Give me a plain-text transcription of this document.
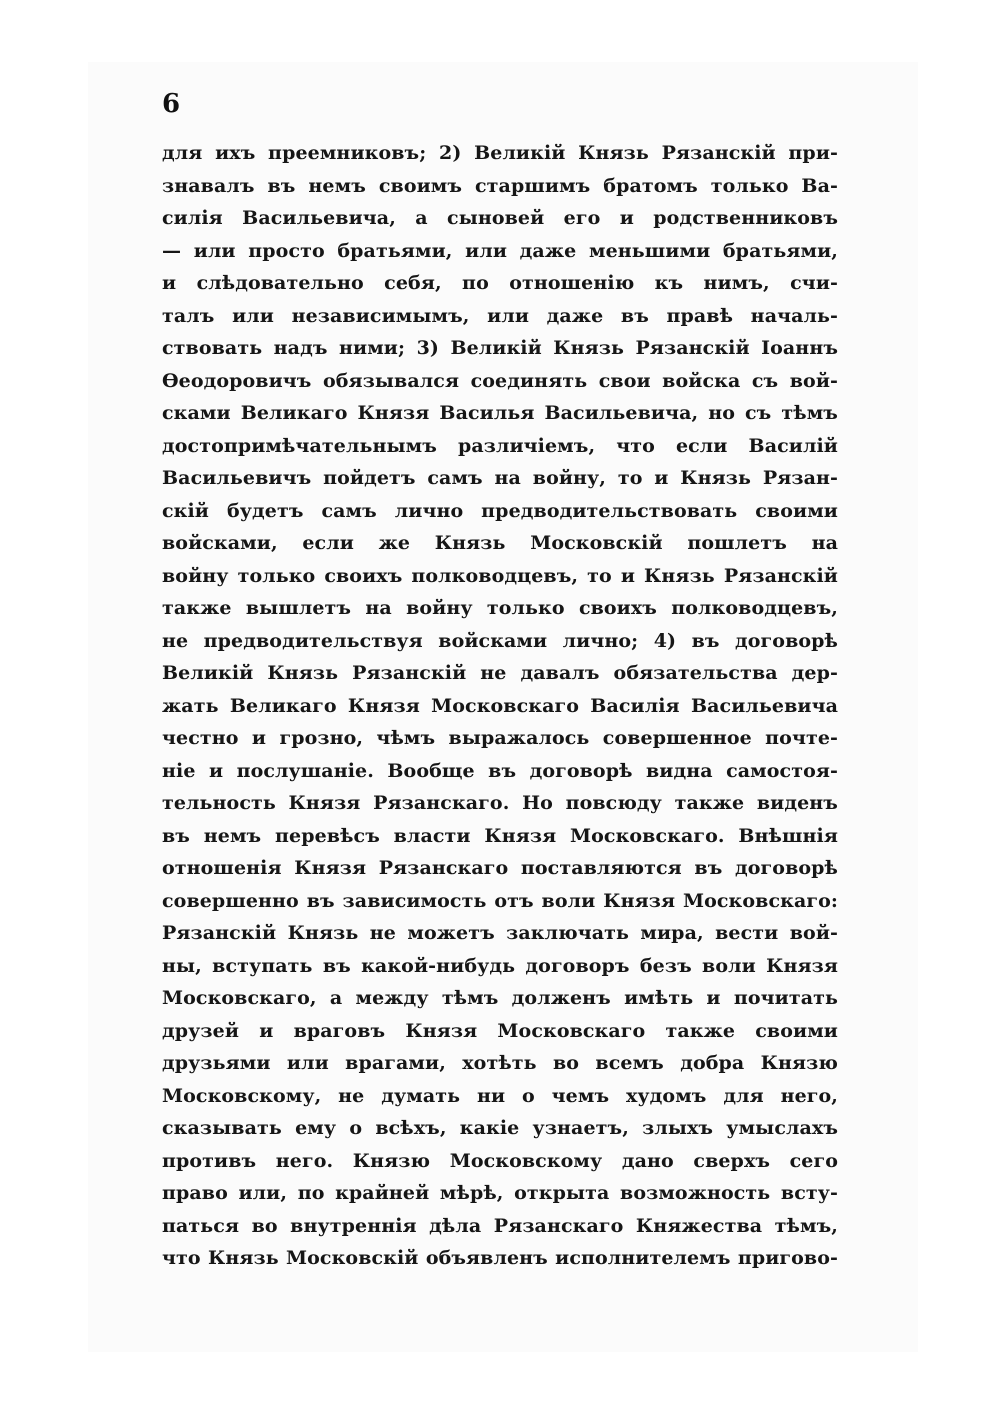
6
для ихъ преемниковъ; 2) Великій Князь Рязанскій при-
знавалъ въ немъ своимъ старшимъ братомъ только Ва-
силія Васильевича, а сыновей его и родственниковъ
— или просто братьями, или даже меньшими братьями,
и слѣдовательно себя, по отношенію къ нимъ, счи-
талъ или независимымъ, или даже въ правѣ началь-
ствовать надъ ними; 3) Великій Князь Рязанскій Іоаннъ
Өеодоровичъ обязывался соединять свои войска съ вой-
сками Великаго Князя Василья Васильевича, но съ тѣмъ
достопримѣчательнымъ различіемъ, что если Василій
Васильевичъ пойдетъ самъ на войну, то и Князь Рязан-
скій будетъ самъ лично предводительствовать своими
войсками, если же Князь Московскій пошлетъ на
войну только своихъ полководцевъ, то и Князь Рязанскій
также вышлетъ на войну только своихъ полководцевъ,
не предводительствуя войсками лично; 4) въ договорѣ
Великій Князь Рязанскій не давалъ обязательства дер-
жать Великаго Князя Московскаго Василія Васильевича
честно и грозно, чѣмъ выражалось совершенное почте-
ніе и послушаніе. Вообще въ договорѣ видна самостоя-
тельность Князя Рязанскаго. Но повсюду также виденъ
въ немъ перевѣсъ власти Князя Московскаго. Внѣшнія
отношенія Князя Рязанскаго поставляются въ договорѣ
совершенно въ зависимость отъ воли Князя Московскаго:
Рязанскій Князь не можетъ заключать мира, вести вой-
ны, вступать въ какой-нибудь договоръ безъ воли Князя
Московскаго, а между тѣмъ долженъ имѣть и почитать
друзей и враговъ Князя Московскаго также своими
друзьями или врагами, хотѣть во всемъ добра Князю
Московскому, не думать ни о чемъ худомъ для него,
сказывать ему о всѣхъ, какіе узнаетъ, злыхъ умыслахъ
противъ него. Князю Московскому дано сверхъ сего
право или, по крайней мѣрѣ, открыта возможность всту-
паться во внутреннія дѣла Рязанскаго Княжества тѣмъ,
что Князь Московскій объявленъ исполнителемъ пригово-
